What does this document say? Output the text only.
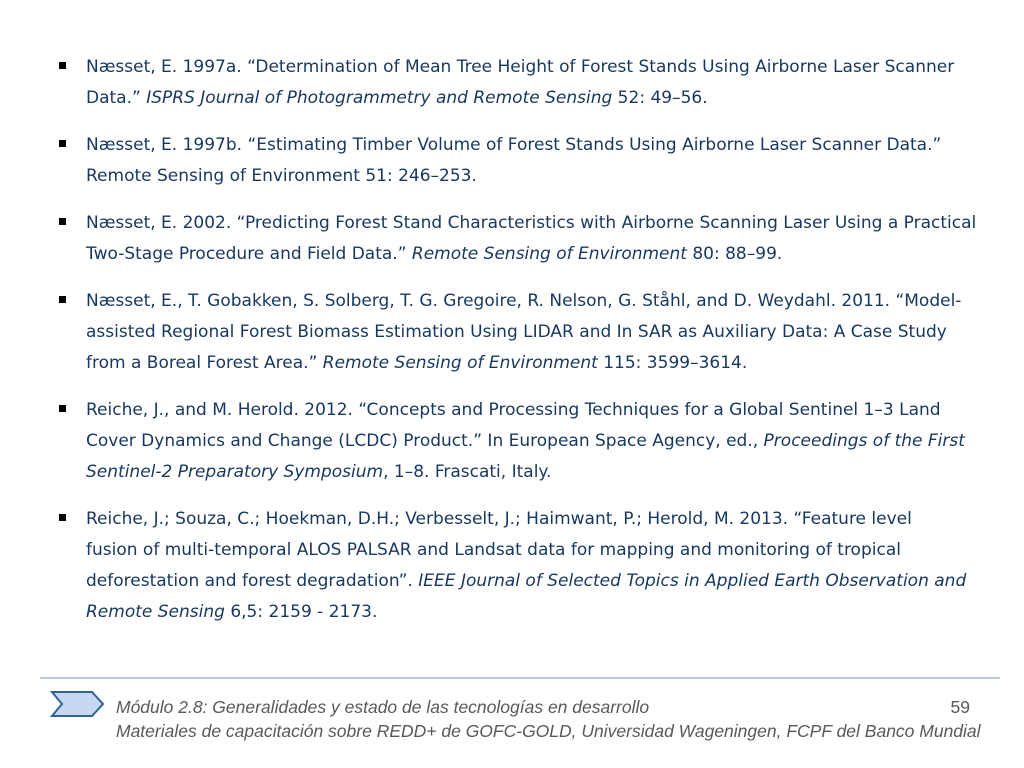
Næsset, E. 1997a. “Determination of Mean Tree Height of Forest Stands Using Airborne Laser Scanner
Data.” ISPRS Journal of Photogrammetry and Remote Sensing 52: 49–56.
Næsset, E. 1997b. “Estimating Timber Volume of Forest Stands Using Airborne Laser Scanner Data.”
Remote Sensing of Environment 51: 246–253.
Næsset, E. 2002. “Predicting Forest Stand Characteristics with Airborne Scanning Laser Using a Practical
Two-Stage Procedure and Field Data.” Remote Sensing of Environment 80: 88–99.
Næsset, E., T. Gobakken, S. Solberg, T. G. Gregoire, R. Nelson, G. Ståhl, and D. Weydahl. 2011. “Model-
assisted Regional Forest Biomass Estimation Using LIDAR and In SAR as Auxiliary Data: A Case Study
from a Boreal Forest Area.” Remote Sensing of Environment 115: 3599–3614.
Reiche, J., and M. Herold. 2012. “Concepts and Processing Techniques for a Global Sentinel 1–3 Land
Cover Dynamics and Change (LCDC) Product.” In European Space Agency, ed., Proceedings of the First
Sentinel-2 Preparatory Symposium, 1–8. Frascati, Italy.
Reiche, J.; Souza, C.; Hoekman, D.H.; Verbesselt, J.; Haimwant, P.; Herold, M. 2013. “Feature level
fusion of multi-temporal ALOS PALSAR and Landsat data for mapping and monitoring of tropical
deforestation and forest degradation”. IEEE Journal of Selected Topics in Applied Earth Observation and
Remote Sensing 6,5: 2159 - 2173.
Módulo 2.8: Generalidades y estado de las tecnologías en desarrollo
Materiales de capacitación sobre REDD+ de GOFC-GOLD, Universidad Wageningen, FCPF del Banco Mundial
59
